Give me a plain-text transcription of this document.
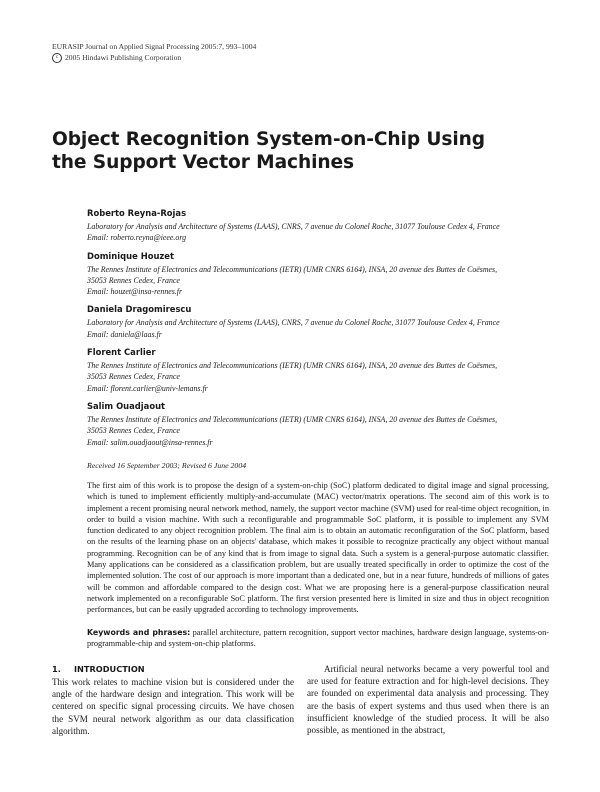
EURASIP Journal on Applied Signal Processing 2005:7, 993–1004
c 2005 Hindawi Publishing Corporation
Object Recognition System-on-Chip Using
the Support Vector Machines
Roberto Reyna-Rojas
Laboratory for Analysis and Architecture of Systems (LAAS), CNRS, 7 avenue du Colonel Roche, 31077 Toulouse Cedex 4, France
Email: roberto.reyna@ieee.org
Dominique Houzet
The Rennes Institute of Electronics and Telecommunications (IETR) (UMR CNRS 6164), INSA, 20 avenue des Buttes de Coësmes,
35053 Rennes Cedex, France
Email: houzet@insa-rennes.fr
Daniela Dragomirescu
Laboratory for Analysis and Architecture of Systems (LAAS), CNRS, 7 avenue du Colonel Roche, 31077 Toulouse Cedex 4, France
Email: daniela@laas.fr
Florent Carlier
The Rennes Institute of Electronics and Telecommunications (IETR) (UMR CNRS 6164), INSA, 20 avenue des Buttes de Coësmes,
35053 Rennes Cedex, France
Email: florent.carlier@univ-lemans.fr
Salim Ouadjaout
The Rennes Institute of Electronics and Telecommunications (IETR) (UMR CNRS 6164), INSA, 20 avenue des Buttes de Coësmes,
35053 Rennes Cedex, France
Email: salim.ouadjaout@insa-rennes.fr
Received 16 September 2003; Revised 6 June 2004

The first aim of this work is to propose the design of a system-on-chip (SoC) platform dedicated to digital image and signal processing, which is tuned to implement efficiently multiply-and-accumulate (MAC) vector/matrix operations. The second aim of this work is to implement a recent promising neural network method, namely, the support vector machine (SVM) used for real-time object recognition, in order to build a vision machine. With such a reconfigurable and programmable SoC platform, it is possible to implement any SVM function dedicated to any object recognition problem. The final aim is to obtain an automatic reconfiguration of the SoC platform, based on the results of the learning phase on an objects' database, which makes it possible to recognize practically any object without manual programming. Recognition can be of any kind that is from image to signal data. Such a system is a general-purpose automatic classifier. Many applications can be considered as a classification problem, but are usually treated specifically in order to optimize the cost of the implemented solution. The cost of our approach is more important than a dedicated one, but in a near future, hundreds of millions of gates will be common and affordable compared to the design cost. What we are proposing here is a general-purpose classification neural network implemented on a reconfigurable SoC platform. The first version presented here is limited in size and thus in object recognition performances, but can be easily upgraded according to technology improvements.

Keywords and phrases: parallel architecture, pattern recognition, support vector machines, hardware design language, systems-on-programmable-chip and system-on-chip platforms.

1. INTRODUCTION

This work relates to machine vision but is considered under the angle of the hardware design and integration. This work will be centered on specific signal processing circuits. We have chosen the SVM neural network algorithm as our data classification algorithm.

Artificial neural networks became a very powerful tool and are used for feature extraction and for high-level decisions. They are founded on experimental data analysis and processing. They are the basis of expert systems and thus used when there is an insufficient knowledge of the studied process. It will be also possible, as mentioned in the abstract,
